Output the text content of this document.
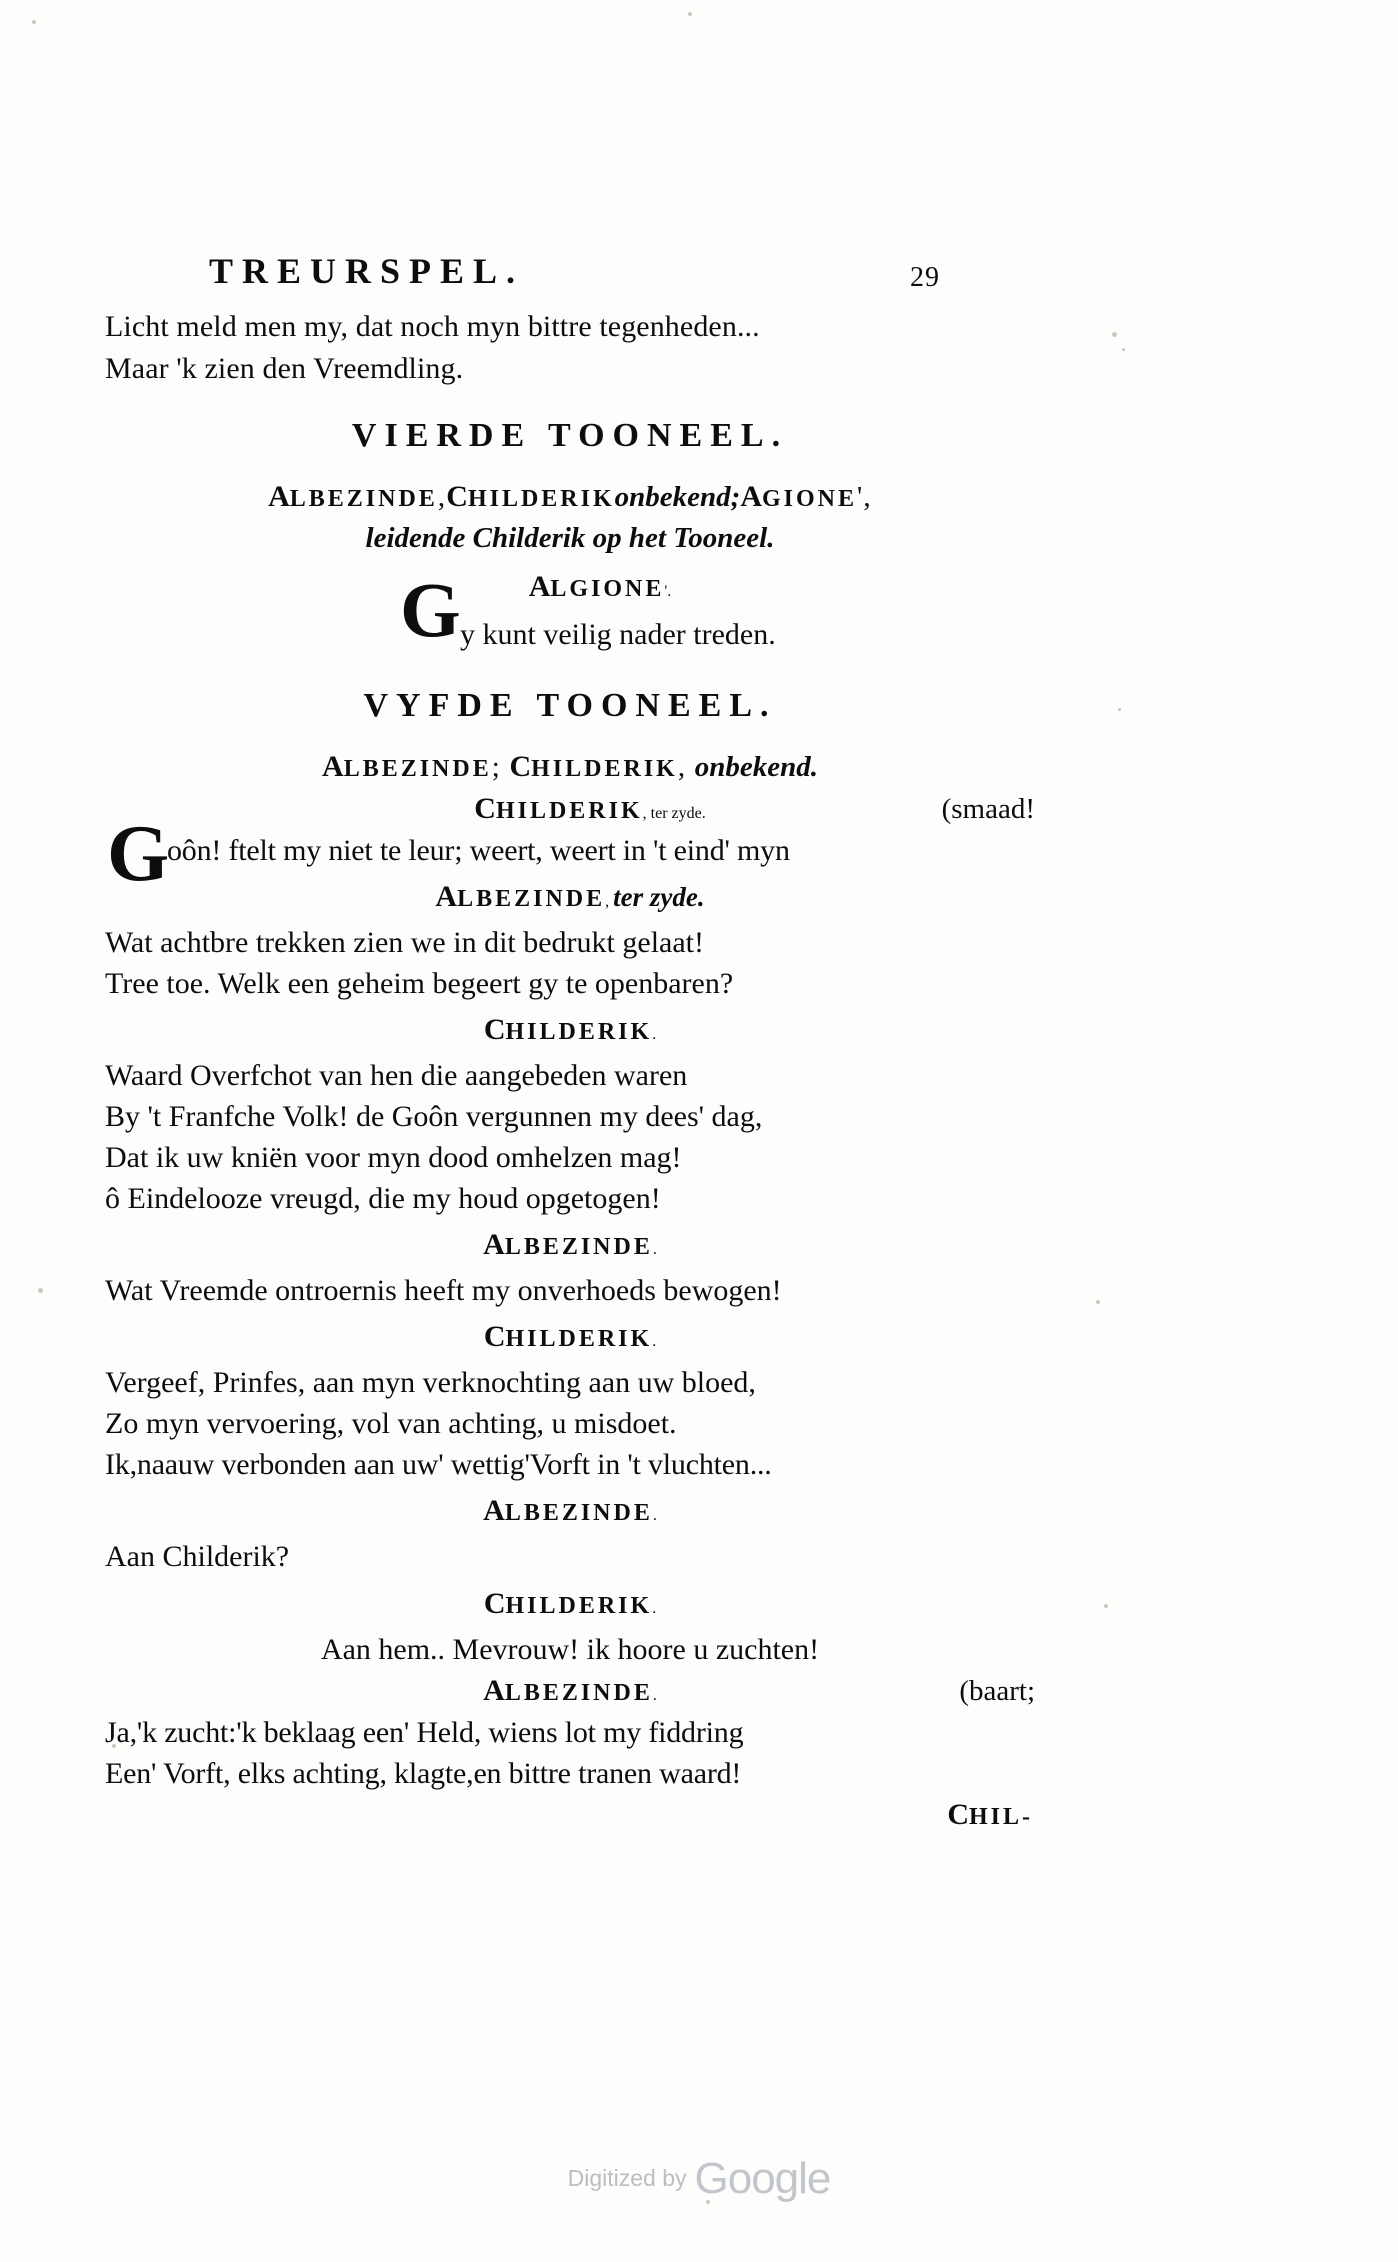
TREURSPEL.	29
Licht meld men my, dat noch myn bittre tegenheden...
Maar 'k zien den Vreemdling.
VIERDE TOONEEL.
ALBEZINDE,CHILDERIKonbekend;AGIONE',
leidende Childerik op het Tooneel.
G	ALGIONE'.
y kunt veilig nader treden.
VYFDE TOONEEL.
ALBEZINDE; CHILDERIK, onbekend.
G
CHILDERIK, ter zyde.	(smaad!
oôn! ftelt my niet te leur; weert, weert in 't eind' myn
ALBEZINDE, ter zyde.
Wat achtbre trekken zien we in dit bedrukt gelaat!
Tree toe. Welk een geheim begeert gy te openbaren?
CHILDERIK.
Waard Overfchot van hen die aangebeden waren
By 't Franfche Volk! de Goôn vergunnen my dees' dag,
Dat ik uw kniën voor myn dood omhelzen mag!
ô Eindelooze vreugd, die my houd opgetogen!
ALBEZINDE.
Wat Vreemde ontroernis heeft my onverhoeds bewogen!
CHILDERIK.
Vergeef, Prinfes, aan myn verknochting aan uw bloed,
Zo myn vervoering, vol van achting, u misdoet.
Ik,naauw verbonden aan uw' wettig'Vorft in 't vluchten...
ALBEZINDE.
Aan Childerik?
CHILDERIK.
Aan hem.. Mevrouw! ik hoore u zuchten!
ALBEZINDE.	(baart;
Ja,'k zucht:'k beklaag een' Held, wiens lot my fiddring
Een' Vorft, elks achting, klagte,en bittre tranen waard!
CHIL-
Digitized by Google
